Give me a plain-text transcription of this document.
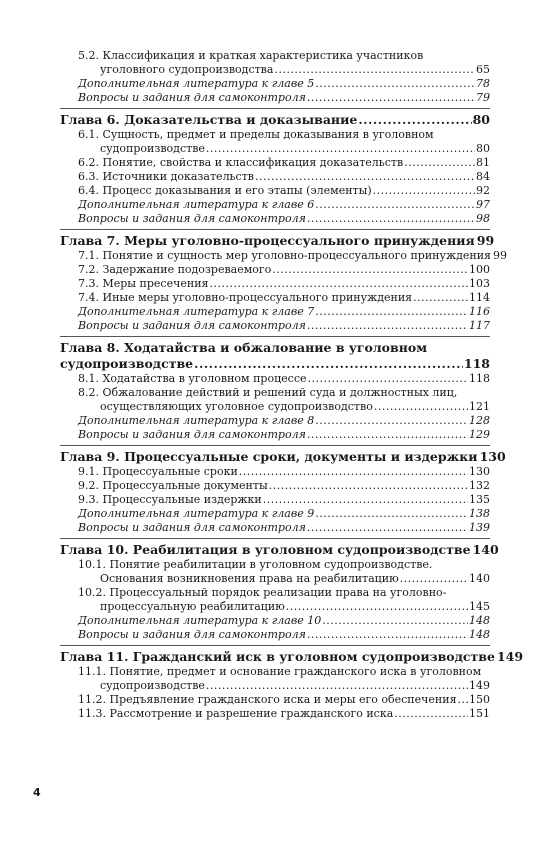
5.2. Классификация и краткая характеристика участников
уголовного судопроизводства .....	65
Дополнительная литература к главе 5 .....	78
Вопросы и задания для самоконтроля .....	79
Глава 6. Доказательства и доказывание .....	80
6.1. Сущность, предмет и пределы доказывания в уголовном
судопроизводстве .....	80
6.2. Понятие, свойства и классификация доказательств .....	81
6.3. Источники доказательств .....	84
6.4. Процесс доказывания и его этапы (элементы) .....	92
Дополнительная литература к главе 6 .....	97
Вопросы и задания для самоконтроля .....	98
Глава 7. Меры уголовно-процессуального принуждения 99
7.1. Понятие и сущность мер уголовно-процессуального принуждения 99
7.2. Задержание подозреваемого .....	100
7.3. Меры пресечения .....	103
7.4. Иные меры уголовно-процессуального принуждения .....	114
Дополнительная литература к главе 7 .....	116
Вопросы и задания для самоконтроля .....	117
Глава 8. Ходатайства и обжалование в уголовном
судопроизводстве .....	118
8.1. Ходатайства в уголовном процессе .....	118
8.2. Обжалование действий и решений суда и должностных лиц,
осуществляющих уголовное судопроизводство .....	121
Дополнительная литература к главе 8 .....	128
Вопросы и задания для самоконтроля .....	129
Глава 9. Процессуальные сроки, документы и издержки 130
9.1. Процессуальные сроки .....	130
9.2. Процессуальные документы .....	132
9.3. Процессуальные издержки .....	135
Дополнительная литература к главе 9 .....	138
Вопросы и задания для самоконтроля .....	139
Глава 10. Реабилитация в уголовном судопроизводстве 140
10.1. Понятие реабилитации в уголовном судопроизводстве.
Основания возникновения права на реабилитацию .....	140
10.2. Процессуальный порядок реализации права на уголовно-
процессуальную реабилитацию .....	145
Дополнительная литература к главе 10 .....	148
Вопросы и задания для самоконтроля .....	148
Глава 11. Гражданский иск в уголовном судопроизводстве 149
11.1. Понятие, предмет и основание гражданского иска в уголовном
судопроизводстве .....	149
11.2. Предъявление гражданского иска и меры его обеспечения ..... 150
11.3. Рассмотрение и разрешение гражданского иска .....	151
4
